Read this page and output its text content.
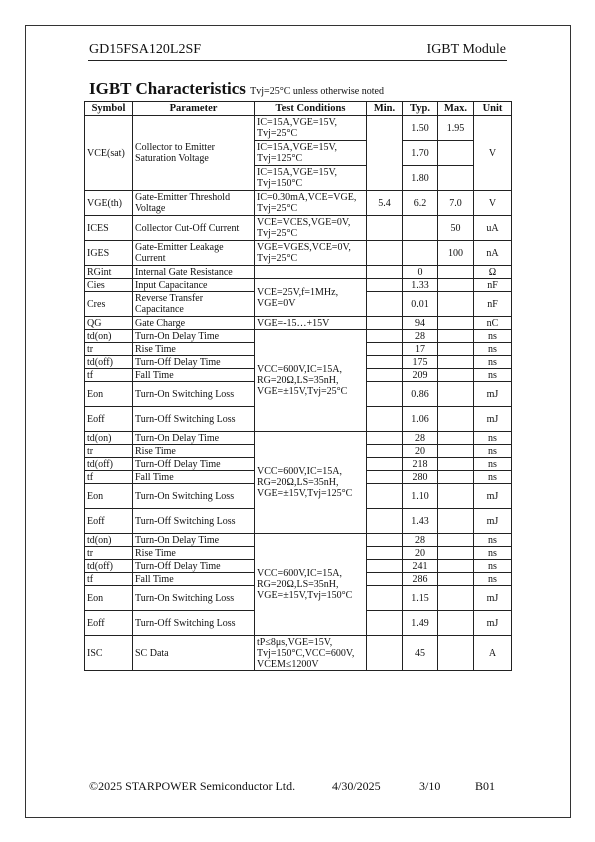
GD15FSA120L2SF	IGBT Module
IGBT Characteristics Tvj=25°C unless otherwise noted
Symbol	Parameter	Test Conditions	Min.	Typ.	Max.	Unit
VCE(sat)	Collector to Emitter Saturation Voltage	IC=15A,VGE=15V, Tvj=25°C		1.50	1.95	V
		IC=15A,VGE=15V, Tvj=125°C		1.70		
		IC=15A,VGE=15V, Tvj=150°C		1.80		
VGE(th)	Gate-Emitter Threshold Voltage	IC=0.30mA,VCE=VGE, Tvj=25°C	5.4	6.2	7.0	V
ICES	Collector Cut-Off Current	VCE=VCES,VGE=0V, Tvj=25°C			50	uA
IGES	Gate-Emitter Leakage Current	VGE=VGES,VCE=0V, Tvj=25°C			100	nA
RGint	Internal Gate Resistance			0		Ω
Cies	Input Capacitance	VCE=25V,f=1MHz, VGE=0V		1.33		nF
Cres	Reverse Transfer Capacitance			0.01		nF
QG	Gate Charge	VGE=-15…+15V		94		nC
td(on)	Turn-On Delay Time	VCC=600V,IC=15A, RG=20Ω,LS=35nH, VGE=±15V,Tvj=25°C		28		ns
tr	Rise Time			17		ns
td(off)	Turn-Off Delay Time			175		ns
tf	Fall Time			209		ns
Eon	Turn-On Switching Loss			0.86		mJ
Eoff	Turn-Off Switching Loss			1.06		mJ
td(on)	Turn-On Delay Time	VCC=600V,IC=15A, RG=20Ω,LS=35nH, VGE=±15V,Tvj=125°C		28		ns
tr	Rise Time			20		ns
td(off)	Turn-Off Delay Time			218		ns
tf	Fall Time			280		ns
Eon	Turn-On Switching Loss			1.10		mJ
Eoff	Turn-Off Switching Loss			1.43		mJ
td(on)	Turn-On Delay Time	VCC=600V,IC=15A, RG=20Ω,LS=35nH, VGE=±15V,Tvj=150°C		28		ns
tr	Rise Time			20		ns
td(off)	Turn-Off Delay Time			241		ns
tf	Fall Time			286		ns
Eon	Turn-On Switching Loss			1.15		mJ
Eoff	Turn-Off Switching Loss			1.49		mJ
ISC	SC Data	tP≤8μs,VGE=15V, Tvj=150°C,VCC=600V, VCEM≤1200V		45		A
©2025 STARPOWER Semiconductor Ltd.	4/30/2025	3/10	B01
